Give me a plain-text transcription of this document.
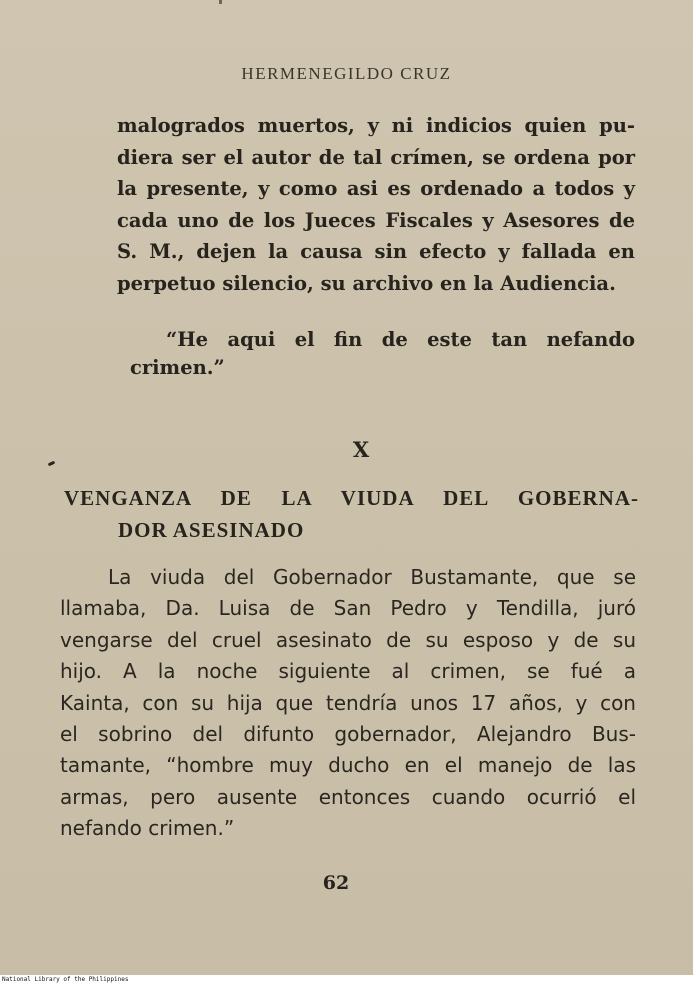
HERMENEGILDO CRUZ
malogrados muertos, y ni indicios quien pu-
diera ser el autor de tal crímen, se ordena por
la presente, y como asi es ordenado a todos y
cada uno de los Jueces Fiscales y Asesores de
S. M., dejen la causa sin efecto y fallada en
perpetuo silencio, su archivo en la Audiencia.
“He aqui el fin de este tan nefando
crimen.”
X
VENGANZA DE LA VIUDA DEL GOBERNA-
DOR ASESINADO
La viuda del Gobernador Bustamante, que se
llamaba, Da. Luisa de San Pedro y Tendilla, juró
vengarse del cruel asesinato de su esposo y de su
hijo. A la noche siguiente al crimen, se fué a
Kainta, con su hija que tendría unos 17 años, y con
el sobrino del difunto gobernador, Alejandro Bus-
tamante, “hombre muy ducho en el manejo de las
armas, pero ausente entonces cuando ocurrió el
nefando crimen.”
62
National Library of the Philippines
